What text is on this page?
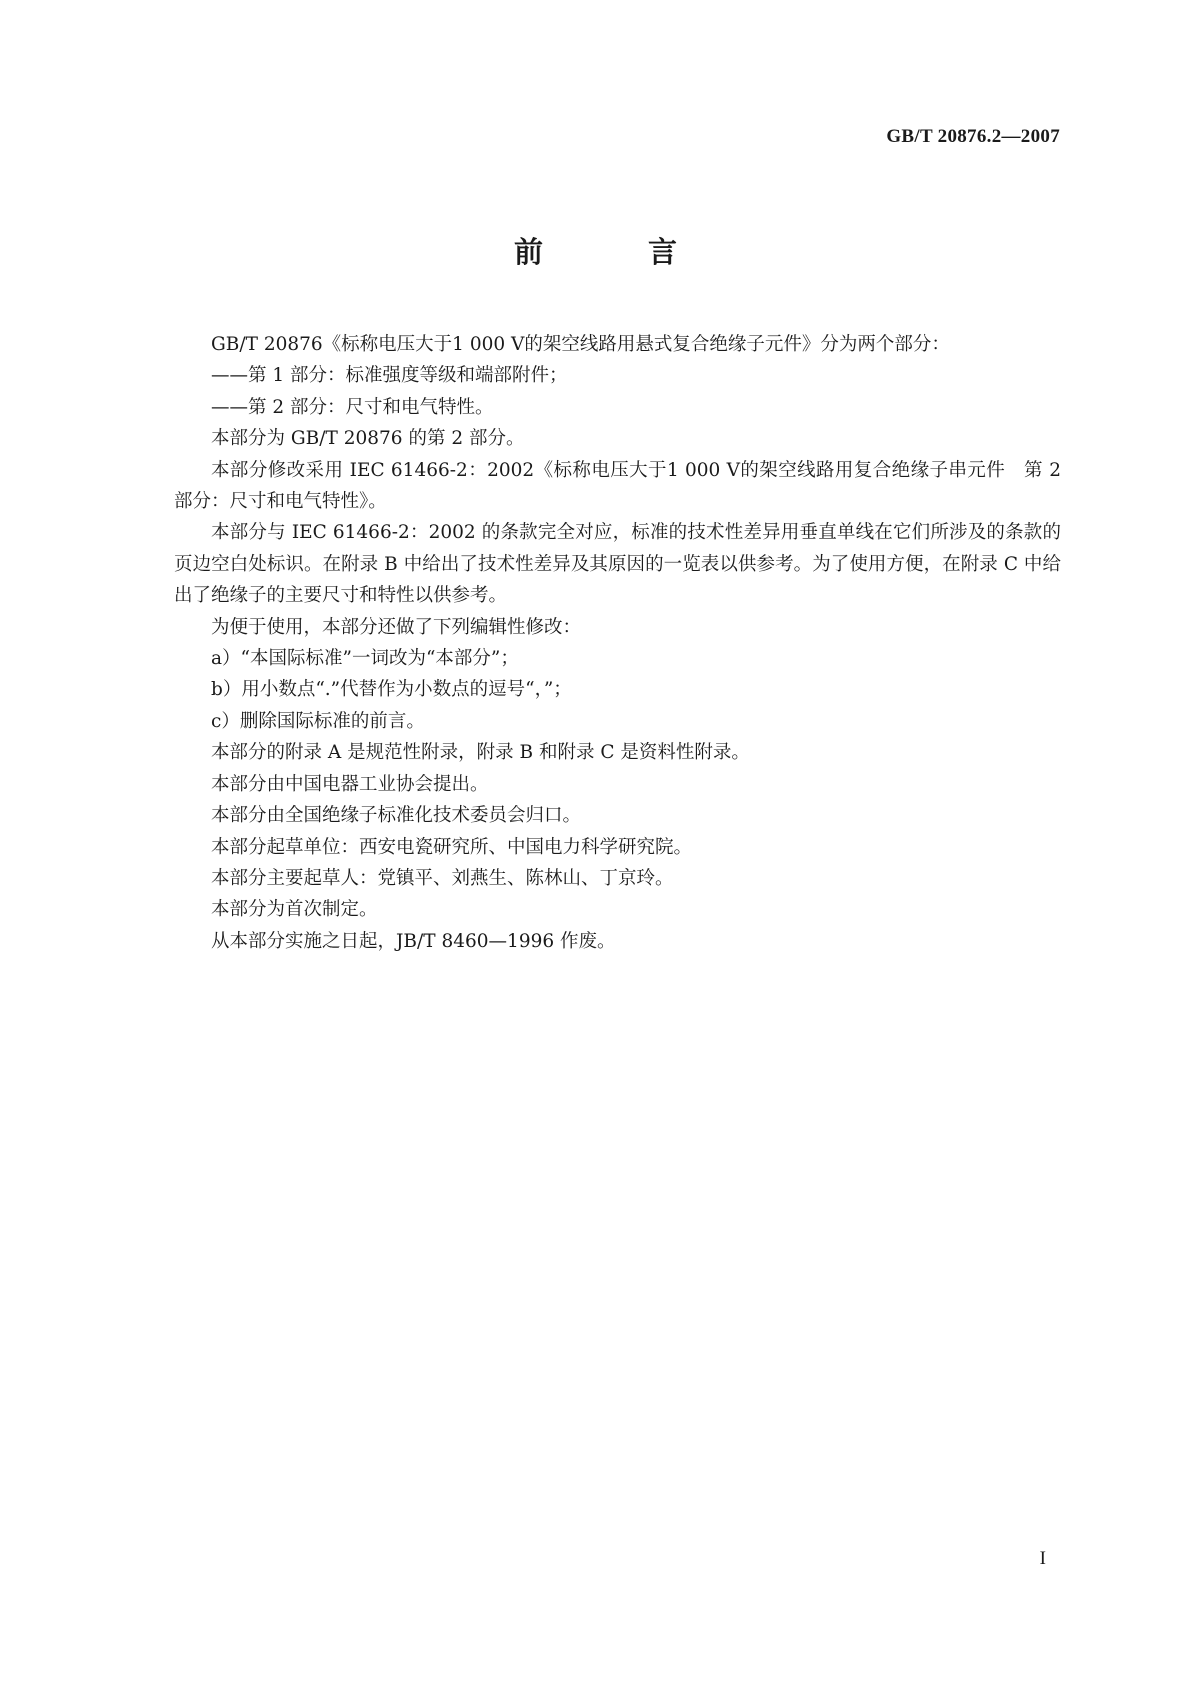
GB/T 20876.2—2007
前　言

GB/T 20876《标称电压大于1 000 V的架空线路用悬式复合绝缘子元件》分为两个部分：

——第 1 部分：标准强度等级和端部附件；

——第 2 部分：尺寸和电气特性。

本部分为 GB/T 20876 的第 2 部分。

本部分修改采用 IEC 61466-2：2002《标称电压大于1 000 V的架空线路用复合绝缘子串元件　第 2 部分：尺寸和电气特性》。

本部分与 IEC 61466-2：2002 的条款完全对应，标准的技术性差异用垂直单线在它们所涉及的条款的页边空白处标识。在附录 B 中给出了技术性差异及其原因的一览表以供参考。为了使用方便，在附录 C 中给出了绝缘子的主要尺寸和特性以供参考。

为便于使用，本部分还做了下列编辑性修改：

a）“本国际标准”一词改为“本部分”；

b）用小数点“.”代替作为小数点的逗号“，”；

c）删除国际标准的前言。

本部分的附录 A 是规范性附录，附录 B 和附录 C 是资料性附录。

本部分由中国电器工业协会提出。

本部分由全国绝缘子标准化技术委员会归口。

本部分起草单位：西安电瓷研究所、中国电力科学研究院。

本部分主要起草人：党镇平、刘燕生、陈林山、丁京玲。

本部分为首次制定。

从本部分实施之日起，JB/T 8460—1996 作废。

I
